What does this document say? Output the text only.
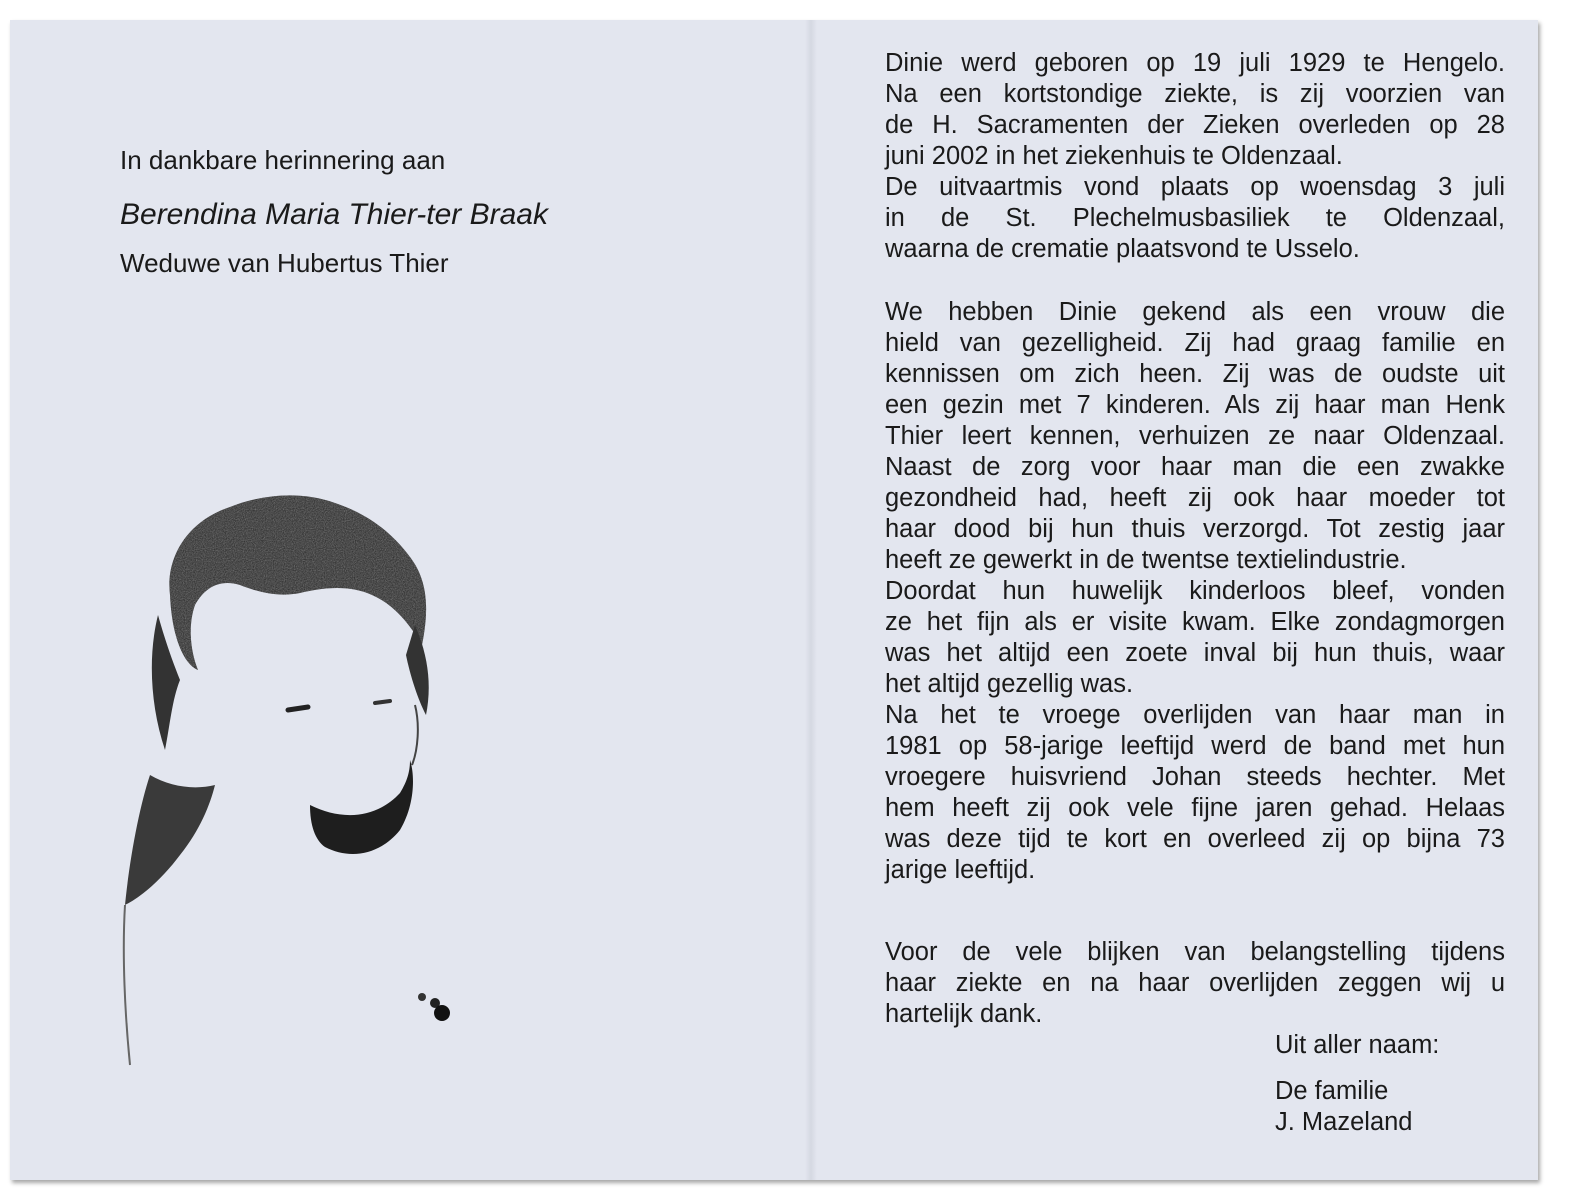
In dankbare herinnering aan

Berendina Maria Thier-ter Braak

Weduwe van Hubertus Thier

Dinie werd geboren op 19 juli 1929 te Hengelo.
Na een kortstondige ziekte, is zij voorzien van
de H. Sacramenten der Zieken overleden op 28
juni 2002 in het ziekenhuis te Oldenzaal.
De uitvaartmis vond plaats op woensdag 3 juli
in de St. Plechelmusbasiliek te Oldenzaal,
waarna de crematie plaatsvond te Usselo.
We hebben Dinie gekend als een vrouw die
hield van gezelligheid. Zij had graag familie en
kennissen om zich heen. Zij was de oudste uit
een gezin met 7 kinderen. Als zij haar man Henk
Thier leert kennen, verhuizen ze naar Oldenzaal.
Naast de zorg voor haar man die een zwakke
gezondheid had, heeft zij ook haar moeder tot
haar dood bij hun thuis verzorgd. Tot zestig jaar
heeft ze gewerkt in de twentse textielindustrie.
Doordat hun huwelijk kinderloos bleef, vonden
ze het fijn als er visite kwam. Elke zondagmorgen
was het altijd een zoete inval bij hun thuis, waar
het altijd gezellig was.
Na het te vroege overlijden van haar man in
1981 op 58-jarige leeftijd werd de band met hun
vroegere huisvriend Johan steeds hechter. Met
hem heeft zij ook vele fijne jaren gehad. Helaas
was deze tijd te kort en overleed zij op bijna 73
jarige leeftijd.
Voor de vele blijken van belangstelling tijdens
haar ziekte en na haar overlijden zeggen wij u
hartelijk dank.
Uit aller naam:
De familie
J. Mazeland
